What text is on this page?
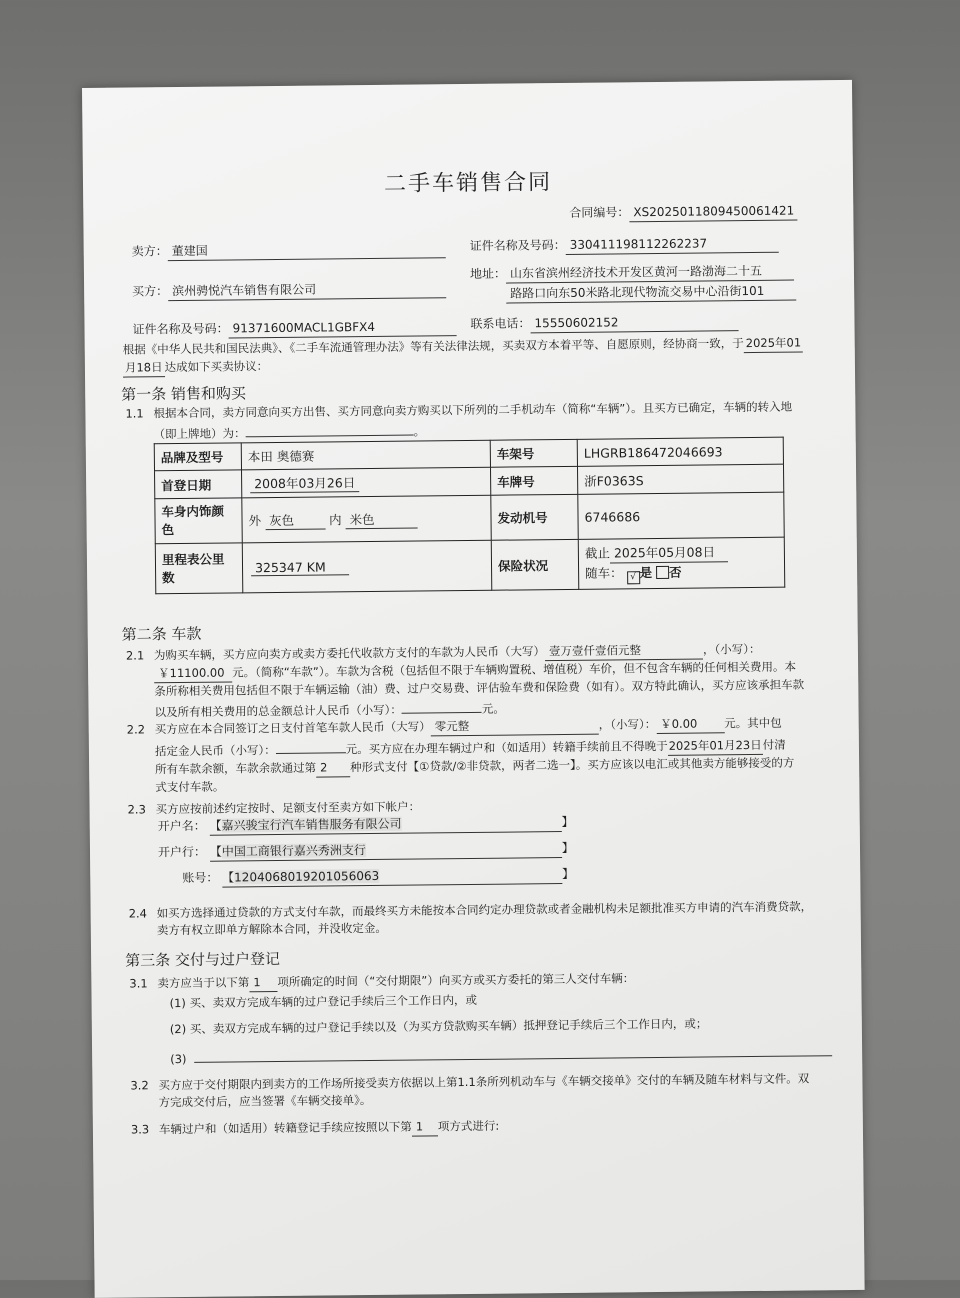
二手车销售合同
合同编号： XS2025011809450061421
卖方： 董建国	证件名称及号码： 330411198112262237
买方： 滨州骋悦汽车销售有限公司
地址： 山东省滨州经济技术开发区黄河一路渤海二十五
路路口向东50米路北现代物流交易中心沿街101
证件名称及号码： 91371600MACL1GBFX4	联系电话： 15550602152
根据《中华人民共和国民法典》、《二手车流通管理办法》等有关法律法规，买卖双方本着平等、自愿原则，经协商一致，于 2025年01
月18日 达成如下买卖协议：
第一条 销售和购买
1.1 根据本合同，卖方同意向买方出售、买方同意向卖方购买以下所列的二手机动车（简称“车辆”）。且买方已确定，车辆的转入地
（即上牌地）为：	。
品牌及型号	本田 奥德赛	车架号	LHGRB186472046693
首登日期	2008年03月26日	车牌号	浙F0363S
车身内饰颜色	外 灰色 内 米色	发动机号	6746686
里程表公里数	325347 KM	保险状况	截止 2025年05月08日
随车： √ 是 否
第二条 车款
2.1 为购买车辆，买方应向卖方或卖方委托代收款方支付的车款为人民币（大写） 壹万壹仟壹佰元整	，（小写）：
￥11100.00 元。（简称“车款”）。车款为含税（包括但不限于车辆购置税、增值税）车价，但不包含车辆的任何相关费用。本
条所称相关费用包括但不限于车辆运输（油）费、过户交易费、评估验车费和保险费（如有）。双方特此确认，买方应该承担车款
以及所有相关费用的总金额总计人民币（小写）：	元。
2.2 买方应在本合同签订之日支付首笔车款人民币（大写） 零元整	，（小写）： ￥0.00 元。其中包
括定金人民币（小写）：	元。买方应在办理车辆过户和（如适用）转籍手续前且不得晚于2025年01月23日付清
所有车款余额，车款余款通过第 2 种形式支付【①贷款/②非贷款，两者二选一】。买方应该以电汇或其他卖方能够接受的方
式支付车款。
2.3 买方应按前述约定按时、足额支付至卖方如下帐户：
开户名： 【嘉兴骏宝行汽车销售服务有限公司	】
开户行： 【中国工商银行嘉兴秀洲支行	】
账号： 【1204068019201056063	】
2.4 如买方选择通过贷款的方式支付车款，而最终买方未能按本合同约定办理贷款或者金融机构未足额批准买方申请的汽车消费贷款，
卖方有权立即单方解除本合同，并没收定金。
第三条 交付与过户登记
3.1 卖方应当于以下第 1 项所确定的时间（“交付期限”）向买方或买方委托的第三人交付车辆：
(1) 买、卖双方完成车辆的过户登记手续后三个工作日内，或
(2) 买、卖双方完成车辆的过户登记手续以及（为买方贷款购买车辆）抵押登记手续后三个工作日内，或；
(3)
3.2 买方应于交付期限内到卖方的工作场所接受卖方依据以上第1.1条所列机动车与《车辆交接单》交付的车辆及随车材料与文件。双
方完成交付后，应当签署《车辆交接单》。
3.3 车辆过户和（如适用）转籍登记手续应按照以下第 1 项方式进行:
